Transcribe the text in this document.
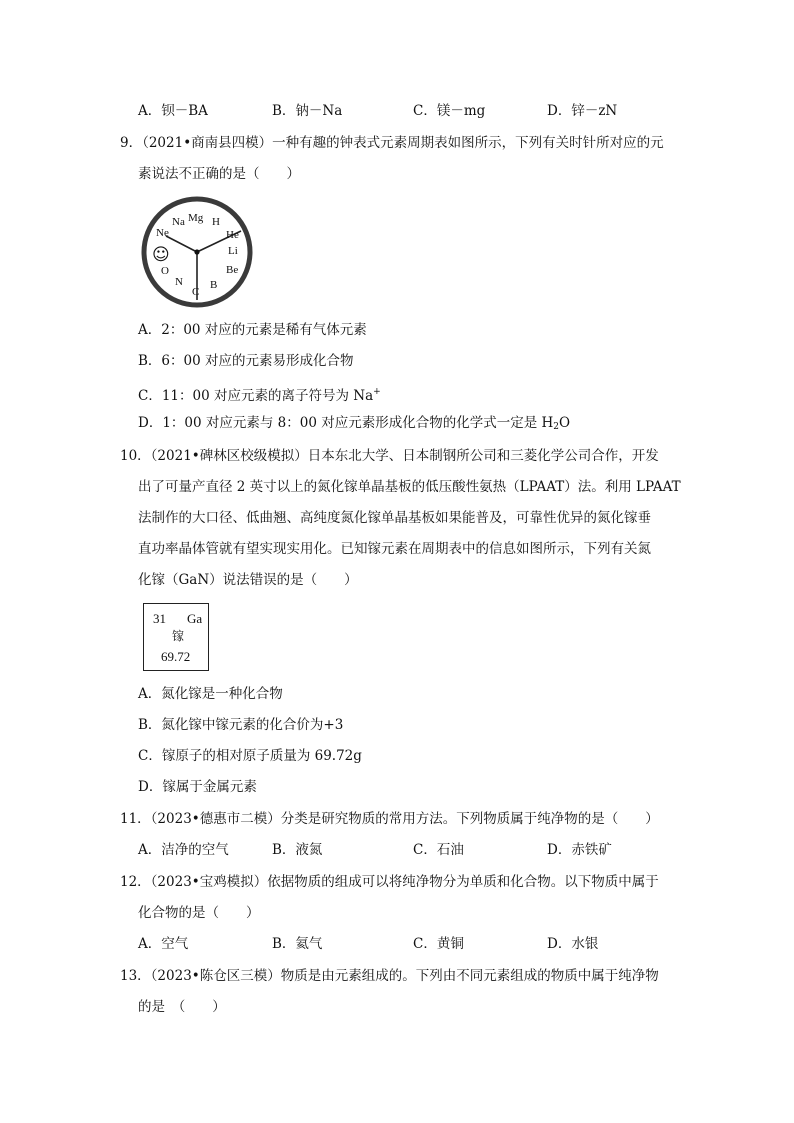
A．钡－BA	B．钠－Na	C．镁－mg	D．锌－zN
9．（2021•商南县四模）一种有趣的钟表式元素周期表如图所示，下列有关时针所对应的元
素说法不正确的是（　　）
Na Mg H
He
Li
Be
B
C
N
O
Ne
☺
A．2：00 对应的元素是稀有气体元素
B．6：00 对应的元素易形成化合物
C．11：00 对应元素的离子符号为 Na+
D．1：00 对应元素与 8：00 对应元素形成化合物的化学式一定是 $H_2O$
10．（2021•碑林区校级模拟）日本东北大学、日本制钢所公司和三菱化学公司合作，开发
出了可量产直径 2 英寸以上的氮化镓单晶基板的低压酸性氨热（LPAAT）法。利用 LPAAT
法制作的大口径、低曲翘、高纯度氮化镓单晶基板如果能普及，可靠性优异的氮化镓垂
直功率晶体管就有望实现实用化。已知镓元素在周期表中的信息如图所示，下列有关氮
化镓（GaN）说法错误的是（　　）
31 Ga
镓
69.72
A．氮化镓是一种化合物
B．氮化镓中镓元素的化合价为+3
C．镓原子的相对原子质量为 69.72g
D．镓属于金属元素
11．（2023•德惠市二模）分类是研究物质的常用方法。下列物质属于纯净物的是（　　）
A．洁净的空气	B．液氮	C．石油	D．赤铁矿
12．（2023•宝鸡模拟）依据物质的组成可以将纯净物分为单质和化合物。以下物质中属于
化合物的是（　　）
A．空气	B．氦气	C．黄铜	D．水银
13．（2023•陈仓区三模）物质是由元素组成的。下列由不同元素组成的物质中属于纯净物
的是　（　　）
